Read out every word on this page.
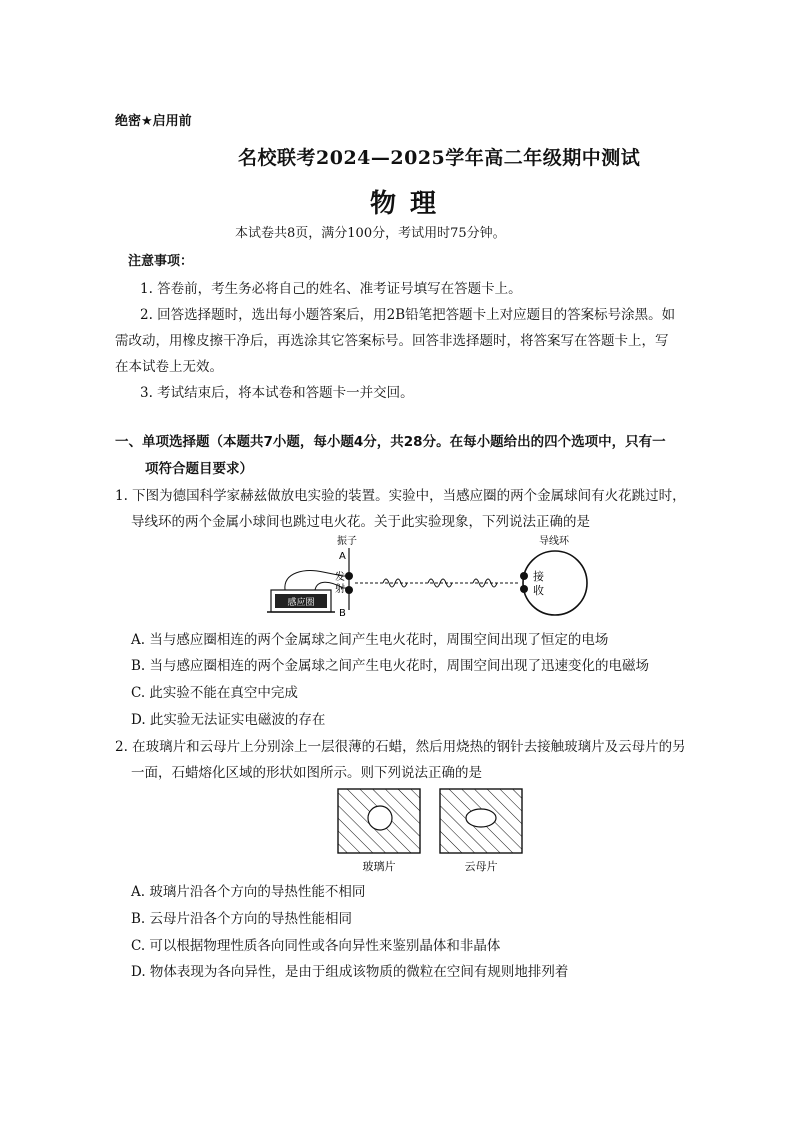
绝密★启用前
名校联考2024—2025学年高二年级期中测试
物理
本试卷共8页，满分100分，考试用时75分钟。
注意事项：
1. 答卷前，考生务必将自己的姓名、准考证号填写在答题卡上。
2. 回答选择题时，选出每小题答案后，用2B铅笔把答题卡上对应题目的答案标号涂黑。如
需改动，用橡皮擦干净后，再选涂其它答案标号。回答非选择题时，将答案写在答题卡上，写
在本试卷上无效。
3. 考试结束后，将本试卷和答题卡一并交回。
一、单项选择题（本题共7小题，每小题4分，共28分。在每小题给出的四个选项中，只有一
项符合题目要求）
1. 下图为德国科学家赫兹做放电实验的装置。实验中，当感应圈的两个金属球间有火花跳过时，
导线环的两个金属小球间也跳过电火花。关于此实验现象，下列说法正确的是
感应圈
振子
A
B
发
射
导线环
接
收
A. 当与感应圈相连的两个金属球之间产生电火花时，周围空间出现了恒定的电场
B. 当与感应圈相连的两个金属球之间产生电火花时，周围空间出现了迅速变化的电磁场
C. 此实验不能在真空中完成
D. 此实验无法证实电磁波的存在
2. 在玻璃片和云母片上分别涂上一层很薄的石蜡，然后用烧热的钢针去接触玻璃片及云母片的另
一面，石蜡熔化区域的形状如图所示。则下列说法正确的是
玻璃片	云母片
A. 玻璃片沿各个方向的导热性能不相同
B. 云母片沿各个方向的导热性能相同
C. 可以根据物理性质各向同性或各向异性来鉴别晶体和非晶体
D. 物体表现为各向异性，是由于组成该物质的微粒在空间有规则地排列着
